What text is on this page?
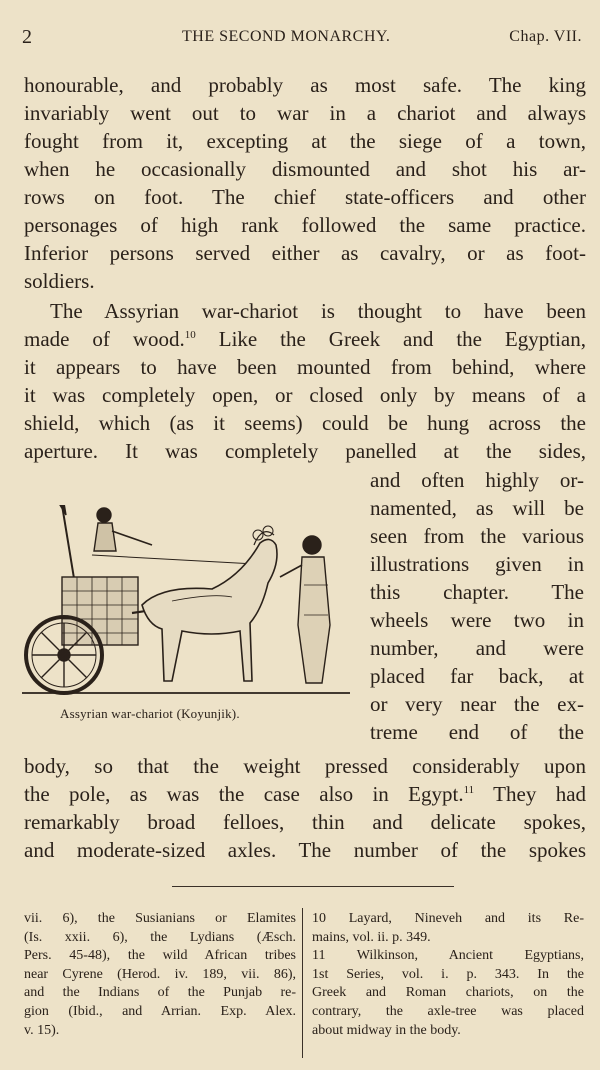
2	THE SECOND MONARCHY.	Chap. VII.
honourable, and probably as most safe. The king
invariably went out to war in a chariot and always
fought from it, excepting at the siege of a town,
when he occasionally dismounted and shot his ar-
rows on foot. The chief state-officers and other
personages of high rank followed the same practice.
Inferior persons served either as cavalry, or as foot-
soldiers.
The Assyrian war-chariot is thought to have been
made of wood.$^{10}$ Like the Greek and the Egyptian,
it appears to have been mounted from behind, where
it was completely open, or closed only by means of a
shield, which (as it seems) could be hung across the
aperture. It was completely panelled at the sides,
and often highly or-
namented, as will be
seen from the various
illustrations given in
this chapter. The
wheels were two in
number, and were
placed far back, at
or very near the ex-
treme end of the
Assyrian war-chariot (Koyunjik).
body, so that the weight pressed considerably upon
the pole, as was the case also in Egypt.$^{11}$ They had
remarkably broad felloes, thin and delicate spokes,
and moderate-sized axles. The number of the spokes
vii. 6), the Susianians or Elamites
(Is. xxii. 6), the Lydians (Æsch.
Pers. 45-48), the wild African tribes
near Cyrene (Herod. iv. 189, vii. 86),
and the Indians of the Punjab re-
gion (Ibid., and Arrian. Exp. Alex.
v. 15).
10 Layard, Nineveh and its Re-
mains, vol. ii. p. 349.
11 Wilkinson, Ancient Egyptians,
1st Series, vol. i. p. 343. In the
Greek and Roman chariots, on the
contrary, the axle-tree was placed
about midway in the body.
